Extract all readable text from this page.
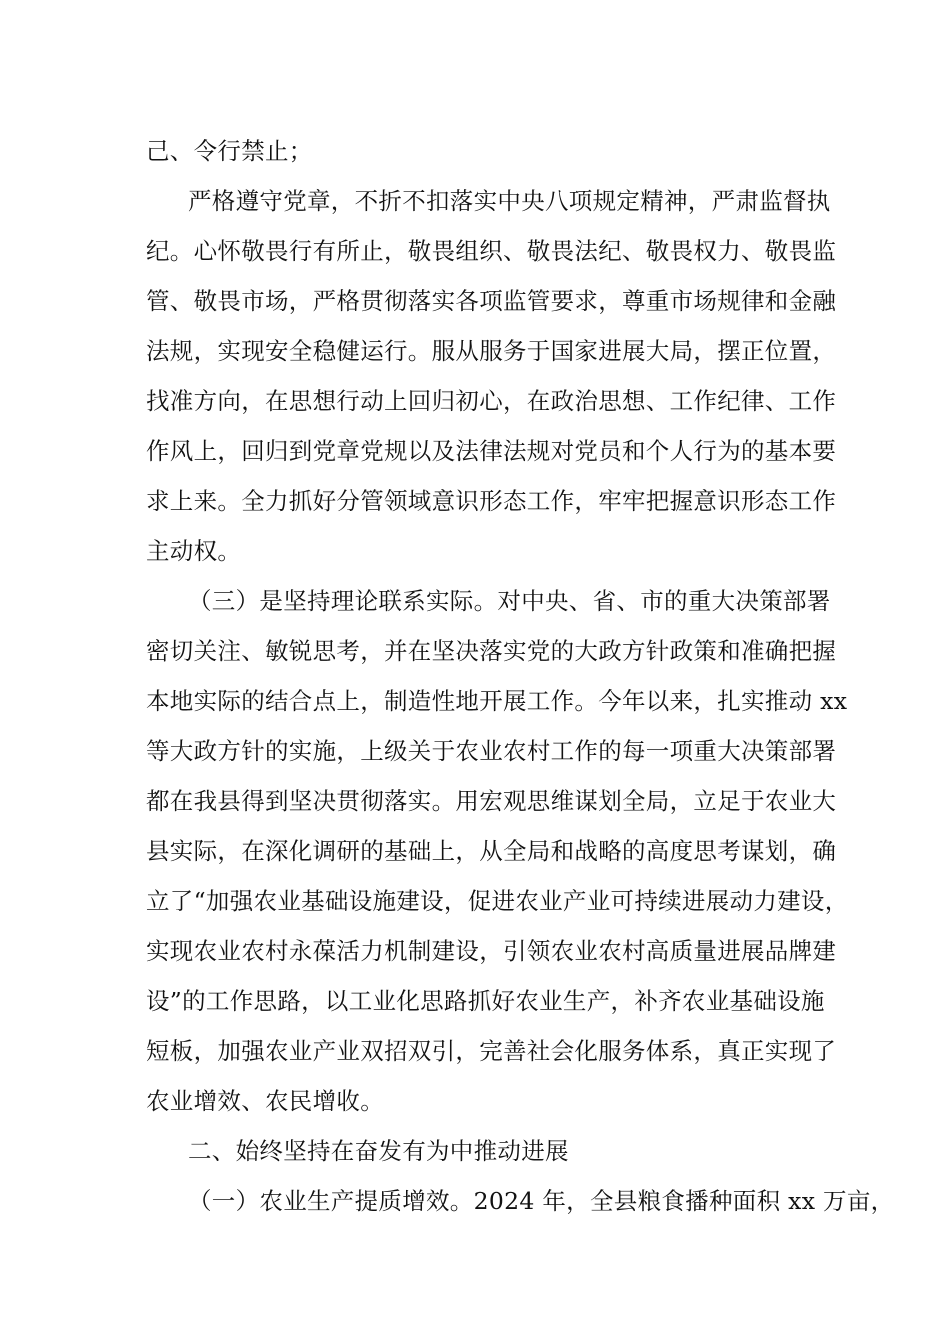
己、令行禁止；
严格遵守党章，不折不扣落实中央八项规定精神，严肃监督执
纪。心怀敬畏行有所止，敬畏组织、敬畏法纪、敬畏权力、敬畏监
管、敬畏市场，严格贯彻落实各项监管要求，尊重市场规律和金融
法规，实现安全稳健运行。服从服务于国家进展大局，摆正位置，
找准方向，在思想行动上回归初心，在政治思想、工作纪律、工作
作风上，回归到党章党规以及法律法规对党员和个人行为的基本要
求上来。全力抓好分管领域意识形态工作，牢牢把握意识形态工作
主动权。
（三）是坚持理论联系实际。对中央、省、市的重大决策部署
密切关注、敏锐思考，并在坚决落实党的大政方针政策和准确把握
本地实际的结合点上，制造性地开展工作。今年以来，扎实推动 xx
等大政方针的实施，上级关于农业农村工作的每一项重大决策部署
都在我县得到坚决贯彻落实。用宏观思维谋划全局，立足于农业大
县实际，在深化调研的基础上，从全局和战略的高度思考谋划，确
立了“加强农业基础设施建设，促进农业产业可持续进展动力建设，
实现农业农村永葆活力机制建设，引领农业农村高质量进展品牌建
设”的工作思路，以工业化思路抓好农业生产，补齐农业基础设施
短板，加强农业产业双招双引，完善社会化服务体系，真正实现了
农业增效、农民增收。
二、始终坚持在奋发有为中推动进展
（一）农业生产提质增效。2024 年，全县粮食播种面积 xx 万亩，
